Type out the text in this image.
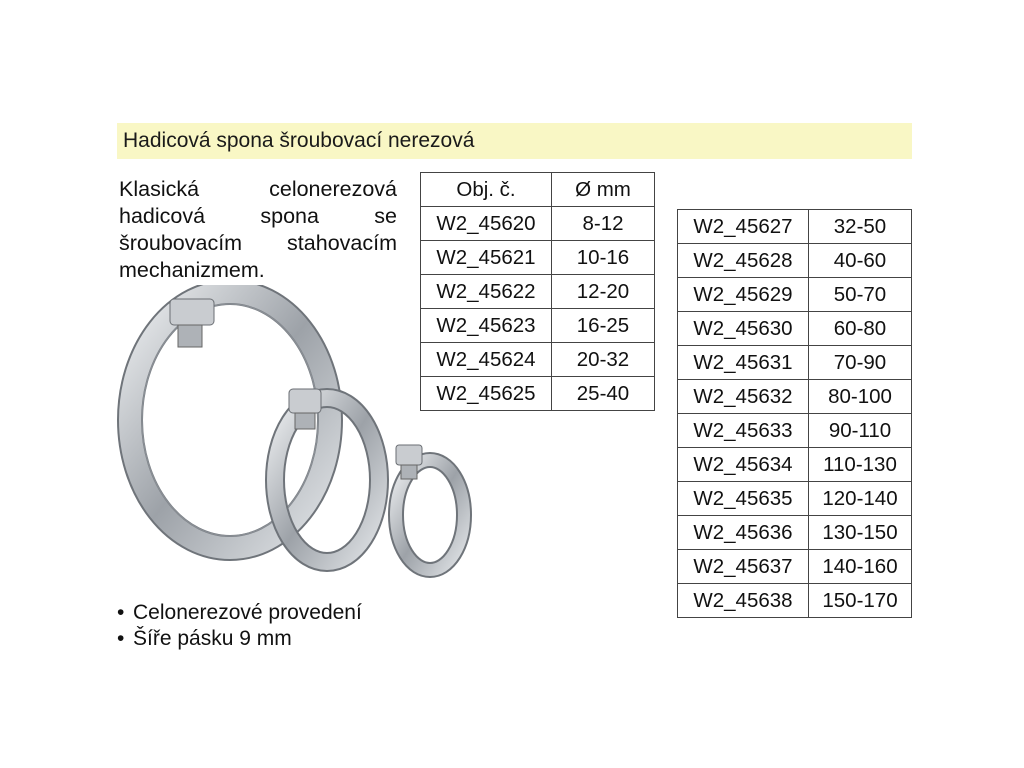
Hadicová spona šroubovací nerezová
Klasická celonerezová hadicová spona se šroubovacím stahovacím mechanizmem.
• Celonerezové provedení
• Šíře pásku 9 mm
Obj. č.	Ø mm
W2_45620	8-12
W2_45621	10-16
W2_45622	12-20
W2_45623	16-25
W2_45624	20-32
W2_45625	25-40
W2_45627	32-50
W2_45628	40-60
W2_45629	50-70
W2_45630	60-80
W2_45631	70-90
W2_45632	80-100
W2_45633	90-110
W2_45634	110-130
W2_45635	120-140
W2_45636	130-150
W2_45637	140-160
W2_45638	150-170
